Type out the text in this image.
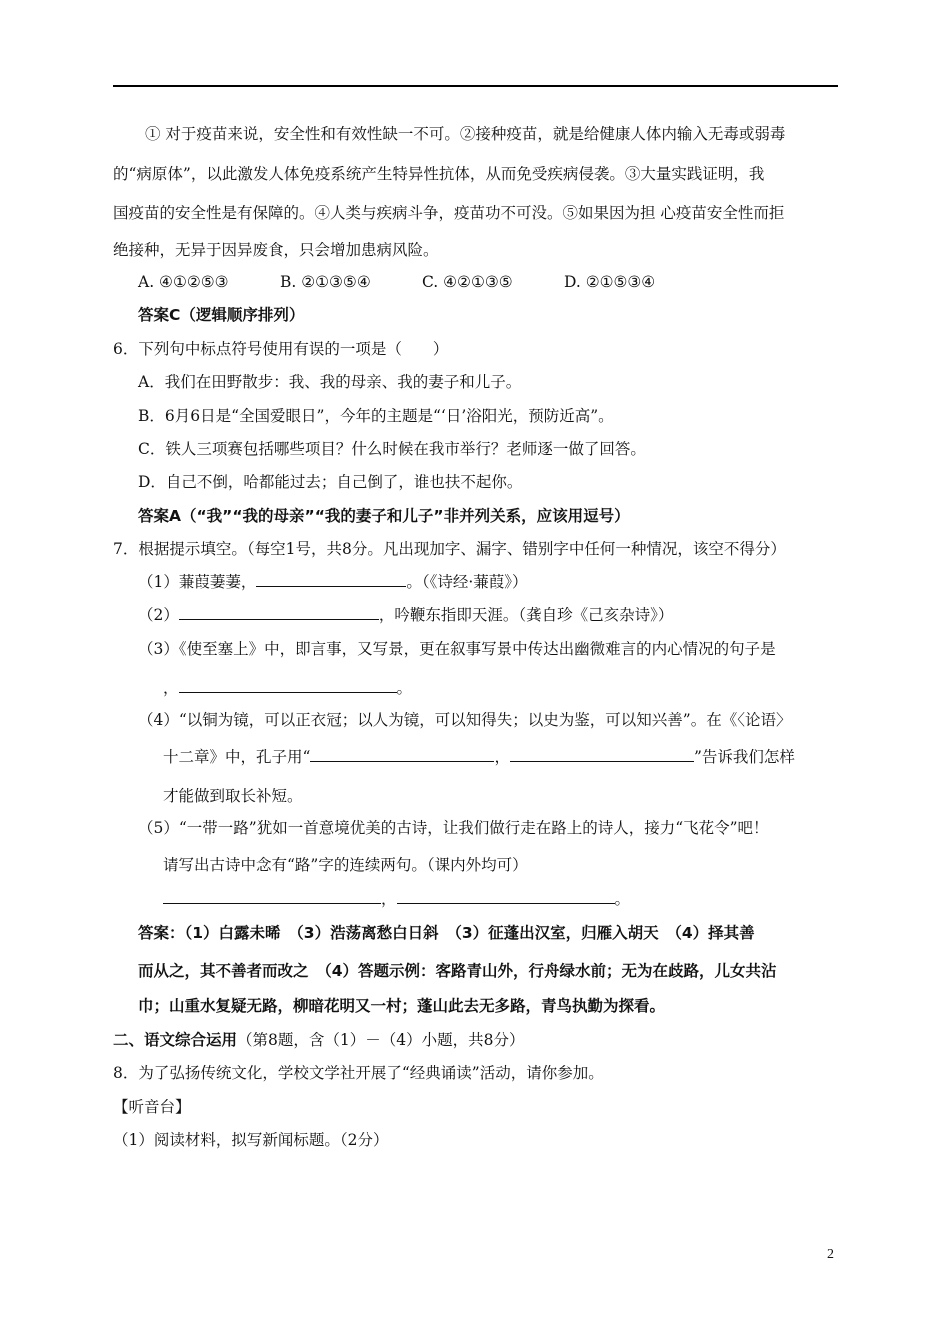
① 对于疫苗来说，安全性和有效性缺一不可。②接种疫苗，就是给健康人体内输入无毒或弱毒
的“病原体”，以此激发人体免疫系统产生特异性抗体，从而免受疾病侵袭。③大量实践证明，我
国疫苗的安全性是有保障的。④人类与疾病斗争，疫苗功不可没。⑤如果因为担 心疫苗安全性而拒
绝接种，无异于因异废食，只会增加患病风险。
A. ④①②⑤③	B. ②①③⑤④	C. ④②①③⑤	D. ②①⑤③④
答案C（逻辑顺序排列）
6．下列句中标点符号使用有误的一项是（　　）
A．我们在田野散步：我、我的母亲、我的妻子和儿子。
B．6月6日是“全国爱眼日”，今年的主题是“‘日’浴阳光，预防近高”。
C．铁人三项赛包括哪些项目？什么时候在我市举行？老师逐一做了回答。
D．自己不倒，哈都能过去；自己倒了，谁也扶不起你。
答案A（“我”“我的母亲”“我的妻子和儿子”非并列关系，应该用逗号）
7．根据提示填空。（每空1号，共8分。凡出现加字、漏字、错别字中任何一种情况，该空不得分）
（1）蒹葭萋萋，	。（《诗经·蒹葭》）
（2）	，吟鞭东指即天涯。（龚自珍《己亥杂诗》）
（3）《使至塞上》中，即言事，又写景，更在叙事写景中传达出幽微难言的内心情况的句子是
，	。
（4）“以铜为镜，可以正衣冠；以人为镜，可以知得失；以史为鉴，可以知兴善”。在《〈论语〉
十二章》中，孔子用“	，	”告诉我们怎样
才能做到取长补短。
（5）“一带一路”犹如一首意境优美的古诗，让我们做行走在路上的诗人，接力“飞花令”吧！
请写出古诗中念有“路”字的连续两句。（课内外均可）
，	。
答案：（1）白露未晞　（3）浩荡离愁白日斜　（3）征蓬出汉室，归雁入胡天　（4）择其善
而从之，其不善者而改之　（4）答题示例：客路青山外，行舟绿水前；无为在歧路，儿女共沾
巾；山重水复疑无路，柳暗花明又一村；蓬山此去无多路，青鸟执勤为探看。
二、语文综合运用（第8题，含（1）－（4）小题，共8分）
8．为了弘扬传统文化，学校文学社开展了“经典诵读”活动，请你参加。
【听音台】
（1）阅读材料，拟写新闻标题。（2分）
2
